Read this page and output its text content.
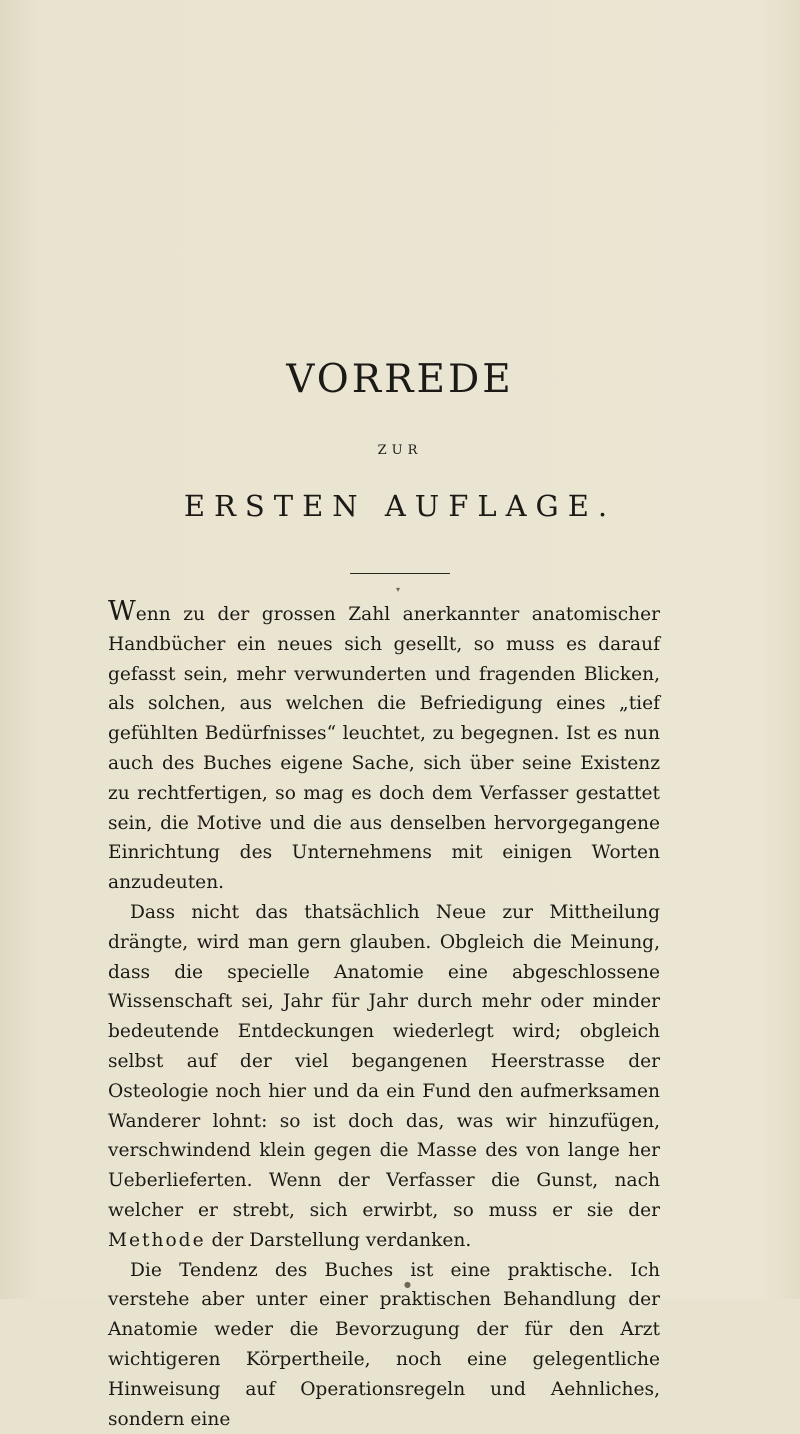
VORREDE
ZUR
ERSTEN AUFLAGE.
▾

Wenn zu der grossen Zahl anerkannter anatomischer Handbücher ein neues sich gesellt, so muss es darauf gefasst sein, mehr verwunderten und fragenden Blicken, als solchen, aus welchen die Befriedigung eines „tief gefühlten Bedürfnisses“ leuchtet, zu begegnen. Ist es nun auch des Buches eigene Sache, sich über seine Existenz zu rechtfertigen, so mag es doch dem Verfasser gestattet sein, die Motive und die aus denselben hervorgegangene Einrichtung des Unternehmens mit einigen Worten anzudeuten.

Dass nicht das thatsächlich Neue zur Mittheilung drängte, wird man gern glauben. Obgleich die Meinung, dass die specielle Anatomie eine abgeschlossene Wissenschaft sei, Jahr für Jahr durch mehr oder minder bedeutende Entdeckungen wiederlegt wird; obgleich selbst auf der viel begangenen Heerstrasse der Osteologie noch hier und da ein Fund den aufmerksamen Wanderer lohnt: so ist doch das, was wir hinzufügen, verschwindend klein gegen die Masse des von lange her Ueberlieferten. Wenn der Verfasser die Gunst, nach welcher er strebt, sich erwirbt, so muss er sie der Methode der Darstellung verdanken.

Die Tendenz des Buches ist eine praktische. Ich verstehe aber unter einer praktischen Behandlung der Anatomie weder die Bevorzugung der für den Arzt wichtigeren Körpertheile, noch eine gelegentliche Hinweisung auf Operationsregeln und Aehnliches, sondern eine

●
